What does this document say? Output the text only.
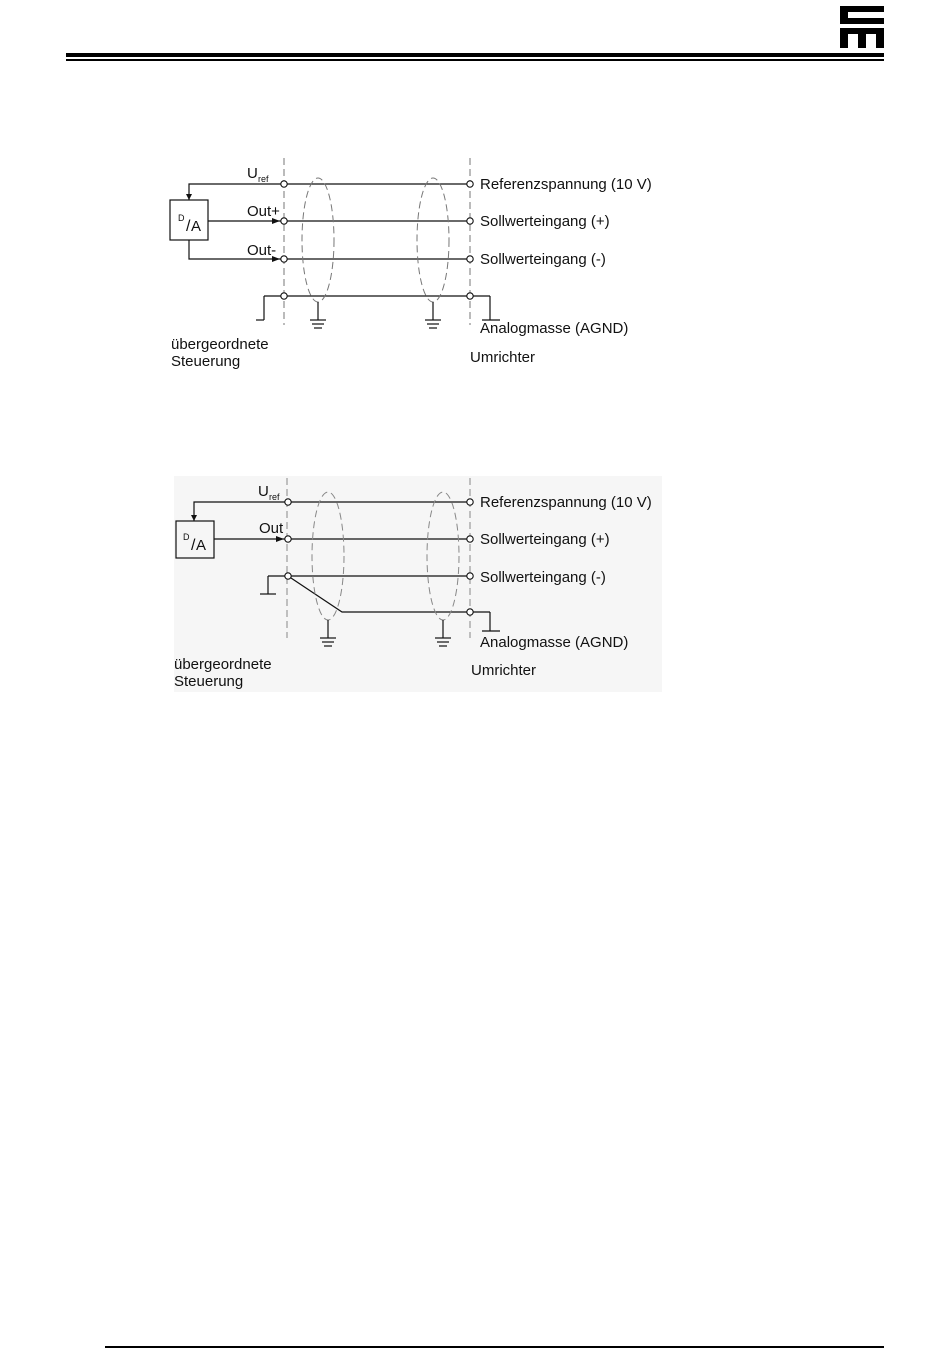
D / A
U ref
Out+
Out-
Referenzspannung (10 V)
Sollwerteingang (+)
Sollwerteingang (-)
Analogmasse (AGND)
übergeordnete
Steuerung	Umrichter
D / A
U ref
Out
Referenzspannung (10 V)
Sollwerteingang (+)
Sollwerteingang (-)
Analogmasse (AGND)
übergeordnete
Steuerung
Umrichter
